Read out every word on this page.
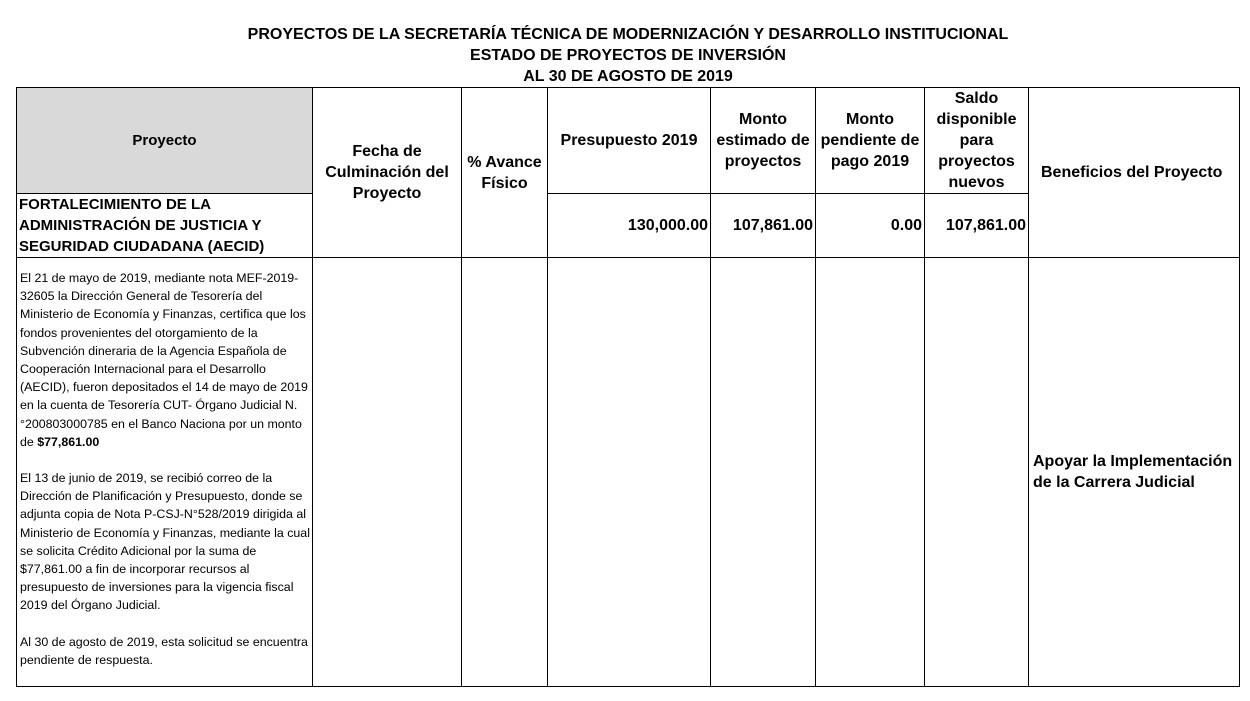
PROYECTOS DE LA SECRETARÍA TÉCNICA DE MODERNIZACIÓN Y DESARROLLO INSTITUCIONAL
ESTADO DE PROYECTOS DE INVERSIÓN
AL 30 DE AGOSTO DE 2019
Proyecto	Fecha de Culminación del Proyecto	% Avance Físico	Presupuesto 2019	Monto estimado de proyectos	Monto pendiente de pago 2019	Saldo disponible para proyectos nuevos	Beneficios del Proyecto
FORTALECIMIENTO DE LA ADMINISTRACIÓN DE JUSTICIA Y SEGURIDAD CIUDADANA (AECID)			130,000.00	107,861.00	0.00	107,861.00	

El 21 de mayo de 2019, mediante nota MEF-2019-32605 la Dirección General de Tesorería del Ministerio de Economía y Finanzas, certifica que los fondos provenientes del otorgamiento de la Subvención dineraria de la Agencia Española de Cooperación Internacional para el Desarrollo (AECID), fueron depositados el 14 de mayo de 2019 en la cuenta de Tesorería CUT- Órgano Judicial N.°200803000785 en el Banco Naciona por un monto de $77,861.00

El 13 de junio de 2019, se recibió correo de la Dirección de Planificación y Presupuesto, donde se adjunta copia de Nota P-CSJ-N°528/2019 dirigida al Ministerio de Economía y Finanzas, mediante la cual se solicita Crédito Adicional por la suma de $77,861.00 a fin de incorporar recursos al presupuesto de inversiones para la vigencia fiscal 2019 del Órgano Judicial.

Al 30 de agosto de 2019, esta solicitud se encuentra pendiente de respuesta.							Apoyar la Implementación de la Carrera Judicial
